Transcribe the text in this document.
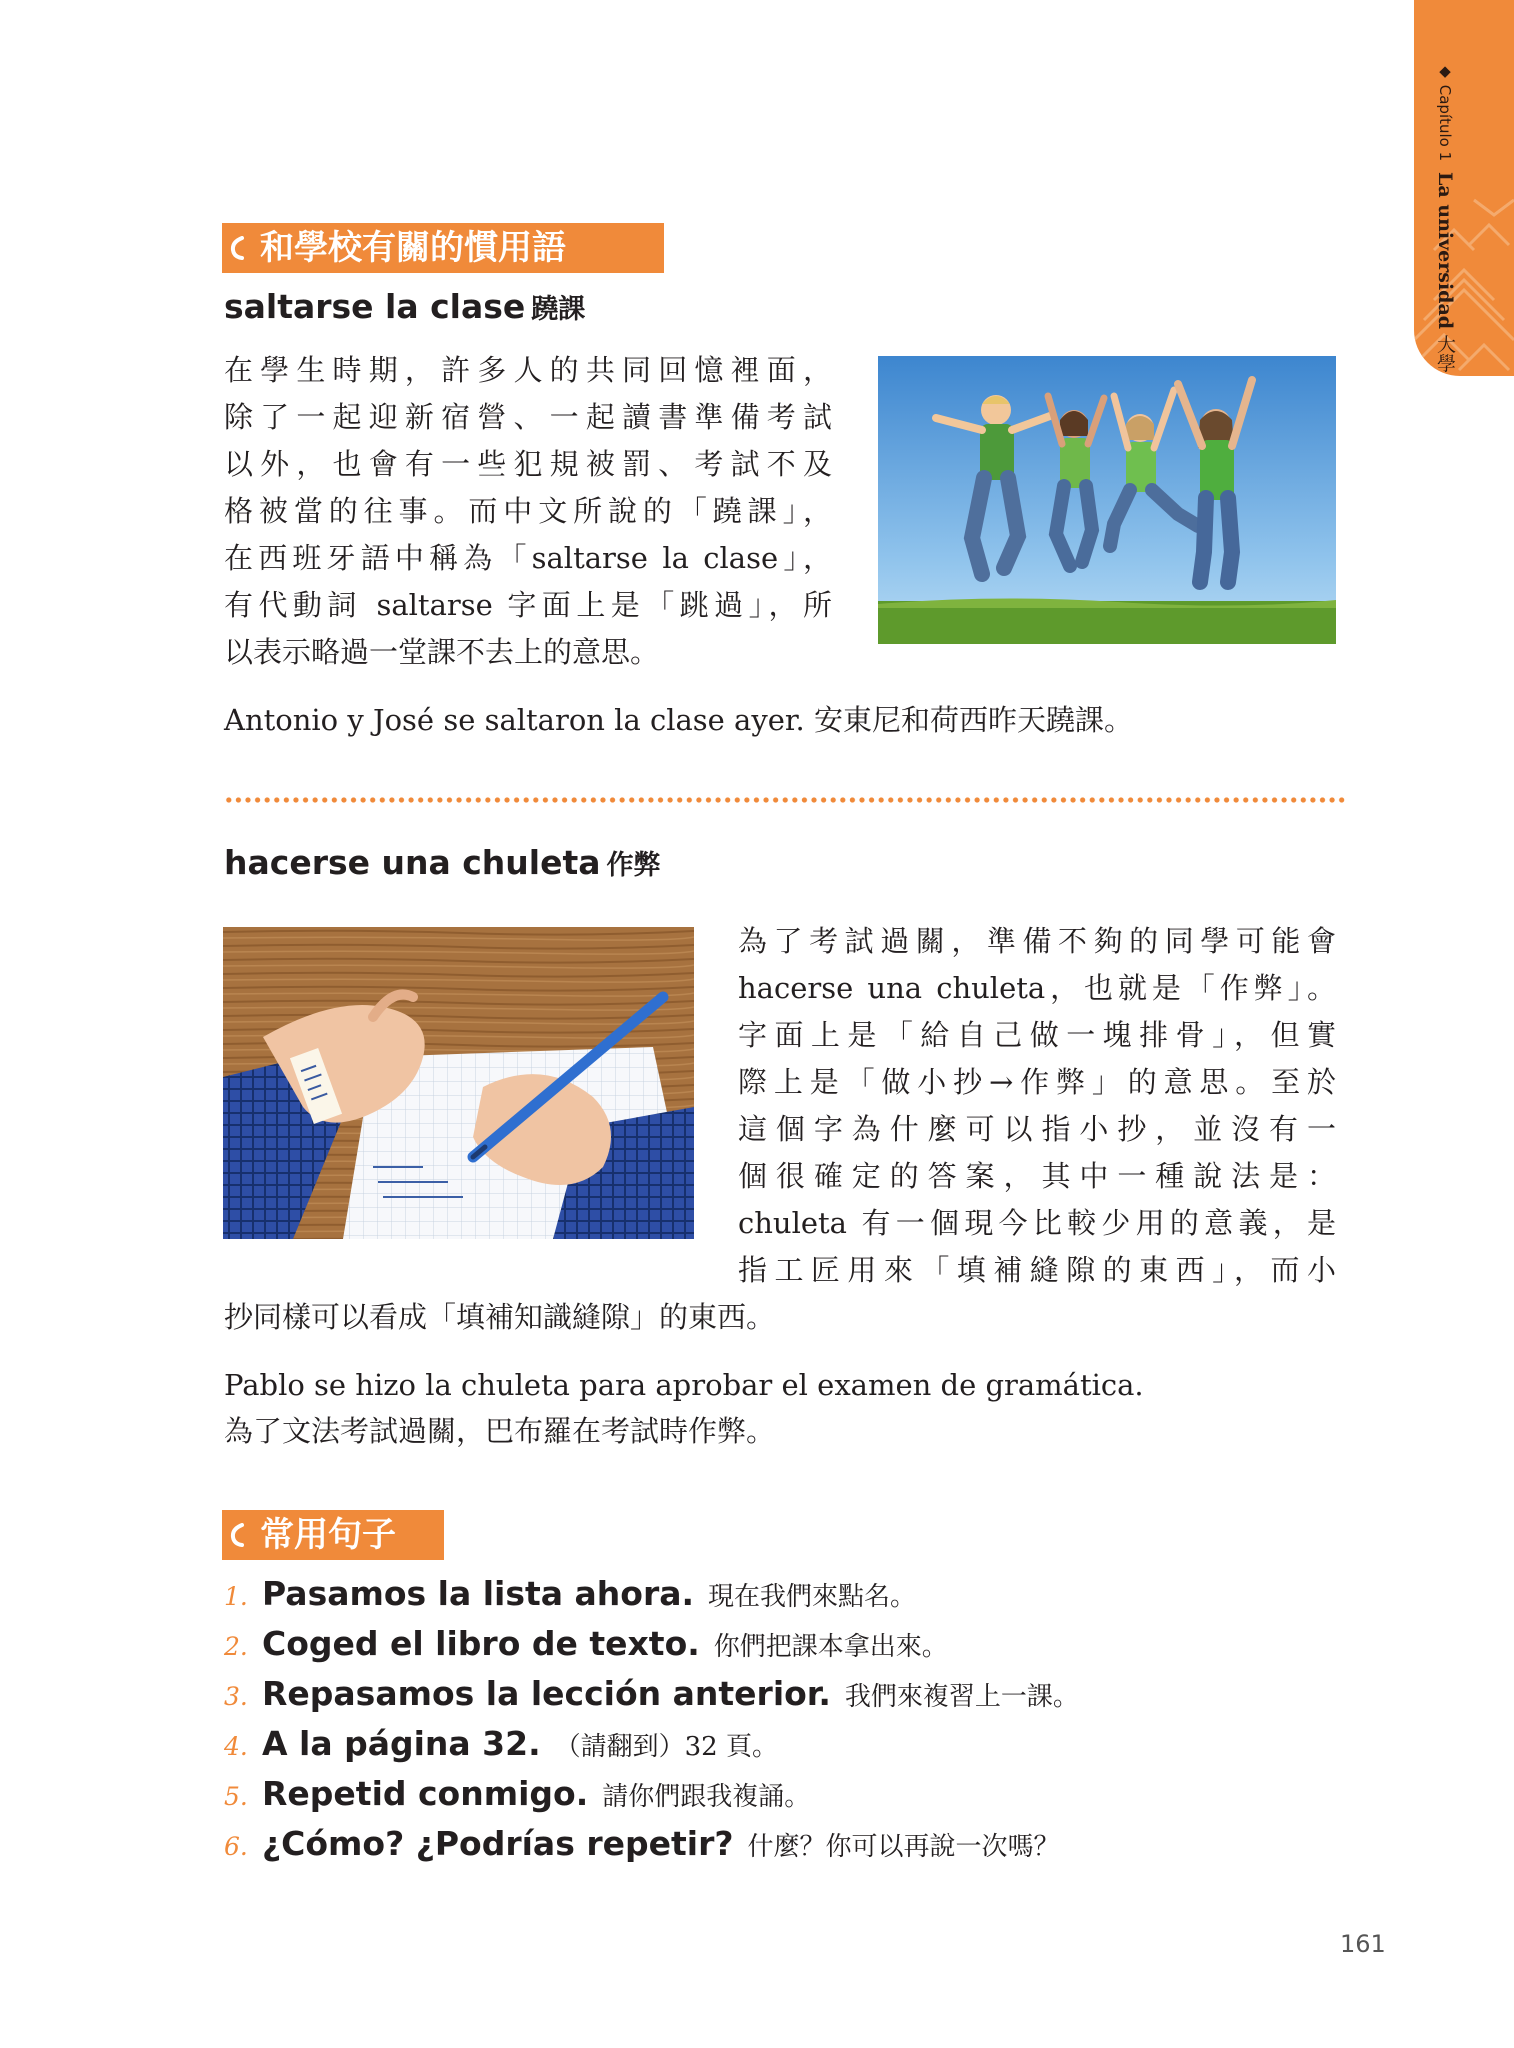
◆ Capítulo 1 La universidad 大學
和學校有關的慣用語
saltarse la clase 蹺課
在學生時期，許多人的共同回憶裡面，
除了一起迎新宿營、一起讀書準備考試
以外，也會有一些犯規被罰、考試不及
格被當的往事。而中文所說的「蹺課」，
在西班牙語中稱為「saltarse la clase」，
有代動詞 saltarse 字面上是「跳過」，所
以表示略過一堂課不去上的意思。
Antonio y José se saltaron la clase ayer. 安東尼和荷西昨天蹺課。
hacerse una chuleta 作弊
為了考試過關，準備不夠的同學可能會
hacerse una chuleta，也就是「作弊」。
字面上是「給自己做一塊排骨」，但實
際上是「做小抄→作弊」的意思。至於
這個字為什麼可以指小抄，並沒有一
個很確定的答案，其中一種說法是：
chuleta 有一個現今比較少用的意義，是
指工匠用來「填補縫隙的東西」，而小
抄同樣可以看成「填補知識縫隙」的東西。
Pablo se hizo la chuleta para aprobar el examen de gramática.
為了文法考試過關，巴布羅在考試時作弊。
常用句子
1. Pasamos la lista ahora. 現在我們來點名。
2. Coged el libro de texto. 你們把課本拿出來。
3. Repasamos la lección anterior. 我們來複習上一課。
4. A la página 32. （請翻到）32 頁。
5. Repetid conmigo. 請你們跟我複誦。
6. ¿Cómo? ¿Podrías repetir? 什麼？你可以再說一次嗎？
161
